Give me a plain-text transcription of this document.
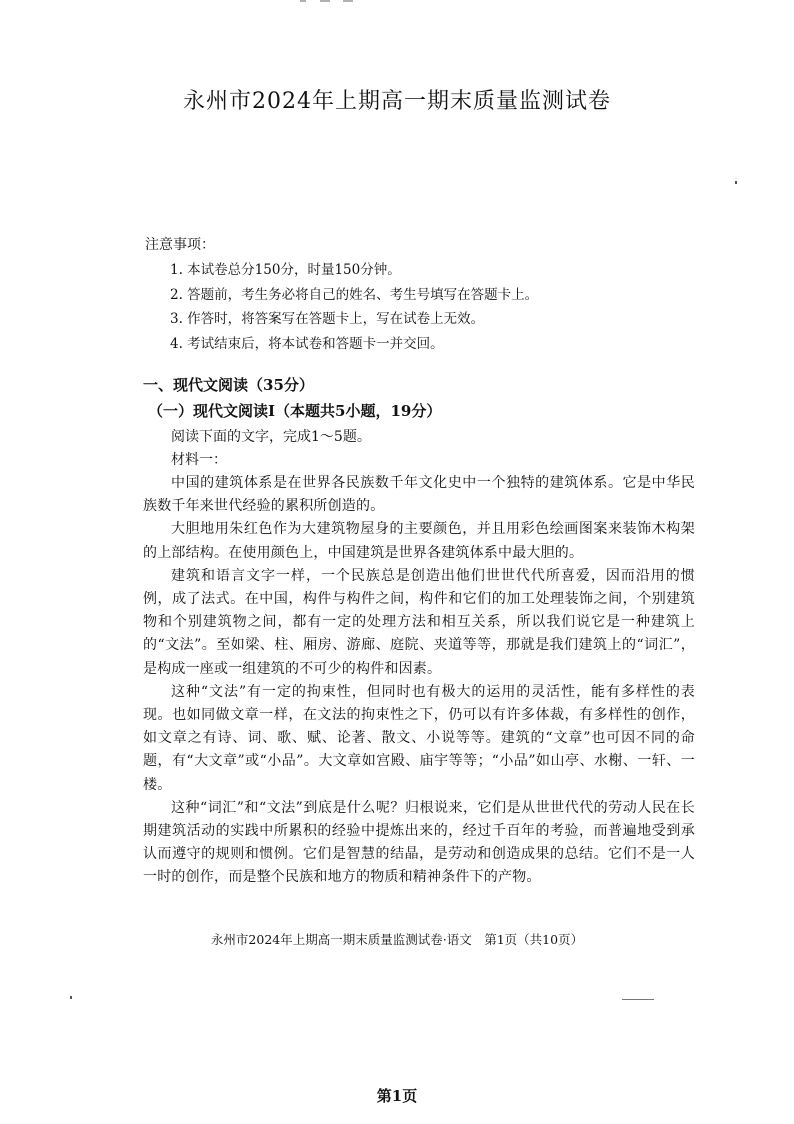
永州市2024年上期高一期末质量监测试卷
注意事项：
1. 本试卷总分150分，时量150分钟。
2. 答题前，考生务必将自己的姓名、考生号填写在答题卡上。
3. 作答时，将答案写在答题卡上，写在试卷上无效。
4. 考试结束后，将本试卷和答题卡一并交回。
一、现代文阅读（35分）
（一）现代文阅读Ⅰ（本题共5小题，19分）
阅读下面的文字，完成1～5题。
材料一：

中国的建筑体系是在世界各民族数千年文化史中一个独特的建筑体系。它是中华民族数千年来世代经验的累积所创造的。

大胆地用朱红色作为大建筑物屋身的主要颜色，并且用彩色绘画图案来装饰木构架的上部结构。在使用颜色上，中国建筑是世界各建筑体系中最大胆的。

建筑和语言文字一样，一个民族总是创造出他们世世代代所喜爱，因而沿用的惯例，成了法式。在中国，构件与构件之间，构件和它们的加工处理装饰之间，个别建筑物和个别建筑物之间，都有一定的处理方法和相互关系，所以我们说它是一种建筑上的“文法”。至如梁、柱、厢房、游廊、庭院、夹道等等，那就是我们建筑上的“词汇”，是构成一座或一组建筑的不可少的构件和因素。

这种“文法”有一定的拘束性，但同时也有极大的运用的灵活性，能有多样性的表现。也如同做文章一样，在文法的拘束性之下，仍可以有许多体裁，有多样性的创作，如文章之有诗、词、歌、赋、论著、散文、小说等等。建筑的“文章”也可因不同的命题，有“大文章”或“小品”。大文章如宫殿、庙宇等等；“小品”如山亭、水榭、一轩、一楼。

这种“词汇”和“文法”到底是什么呢？归根说来，它们是从世世代代的劳动人民在长期建筑活动的实践中所累积的经验中提炼出来的，经过千百年的考验，而普遍地受到承认而遵守的规则和惯例。它们是智慧的结晶，是劳动和创造成果的总结。它们不是一人一时的创作，而是整个民族和地方的物质和精神条件下的产物。

永州市2024年上期高一期末质量监测试卷·语文　第1页（共10页）
第1页
